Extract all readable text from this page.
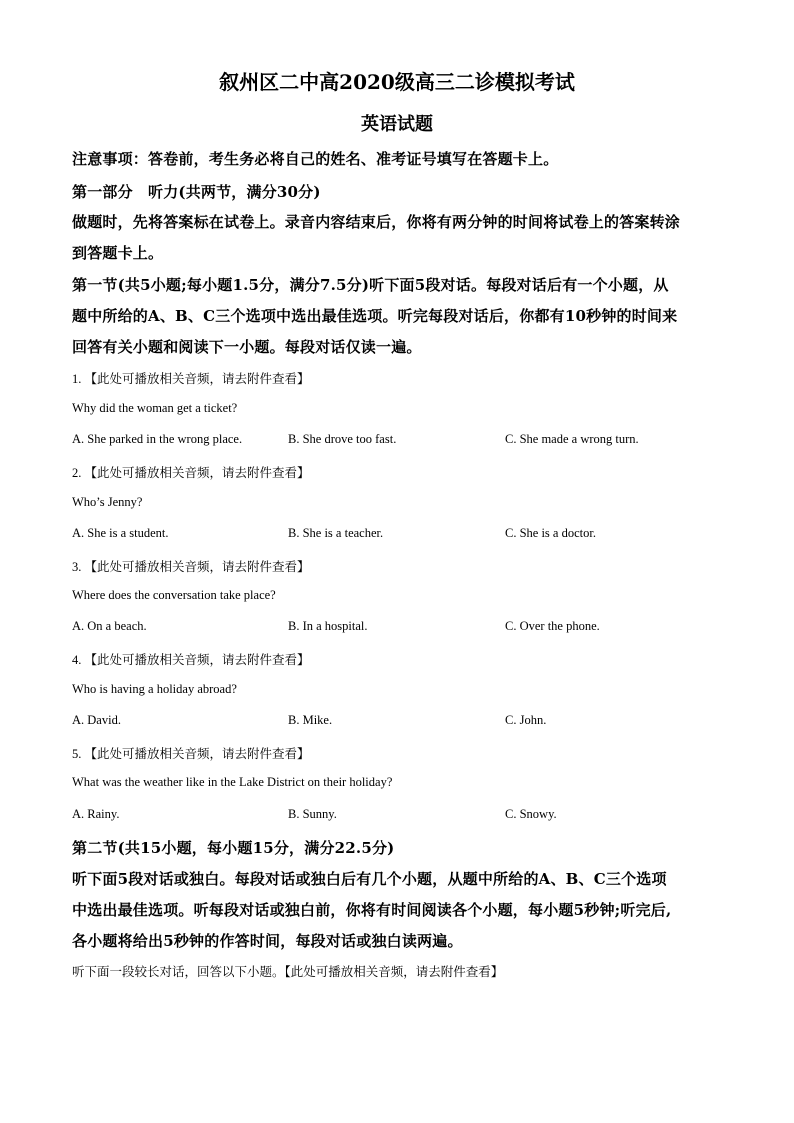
叙州区二中高2020级高三二诊模拟考试
英语试题
注意事项：答卷前，考生务必将自己的姓名、准考证号填写在答题卡上。
第一部分　听力(共两节，满分30分)
做题时，先将答案标在试卷上。录音内容结束后，你将有两分钟的时间将试卷上的答案转涂
到答题卡上。
第一节(共5小题;每小题1.5分，满分7.5分)听下面5段对话。每段对话后有一个小题，从
题中所给的A、B、C三个选项中选出最佳选项。听完每段对话后，你都有10秒钟的时间来
回答有关小题和阅读下一小题。每段对话仅读一遍。
1. 【此处可播放相关音频，请去附件查看】
Why did the woman get a ticket?
A. She parked in the wrong place.	B. She drove too fast.	C. She made a wrong turn.
2. 【此处可播放相关音频，请去附件查看】
Who’s Jenny?
A. She is a student.	B. She is a teacher.	C. She is a doctor.
3. 【此处可播放相关音频，请去附件查看】
Where does the conversation take place?
A. On a beach.	B. In a hospital.	C. Over the phone.
4. 【此处可播放相关音频，请去附件查看】
Who is having a holiday abroad?
A. David.	B. Mike.	C. John.
5. 【此处可播放相关音频，请去附件查看】
What was the weather like in the Lake District on their holiday?
A. Rainy.	B. Sunny.	C. Snowy.
第二节(共15小题，每小题15分，满分22.5分)
听下面5段对话或独白。每段对话或独白后有几个小题，从题中所给的A、B、C三个选项
中选出最佳选项。听每段对话或独白前，你将有时间阅读各个小题，每小题5秒钟;听完后,
各小题将给出5秒钟的作答时间，每段对话或独白读两遍。
听下面一段较长对话，回答以下小题。【此处可播放相关音频，请去附件查看】
